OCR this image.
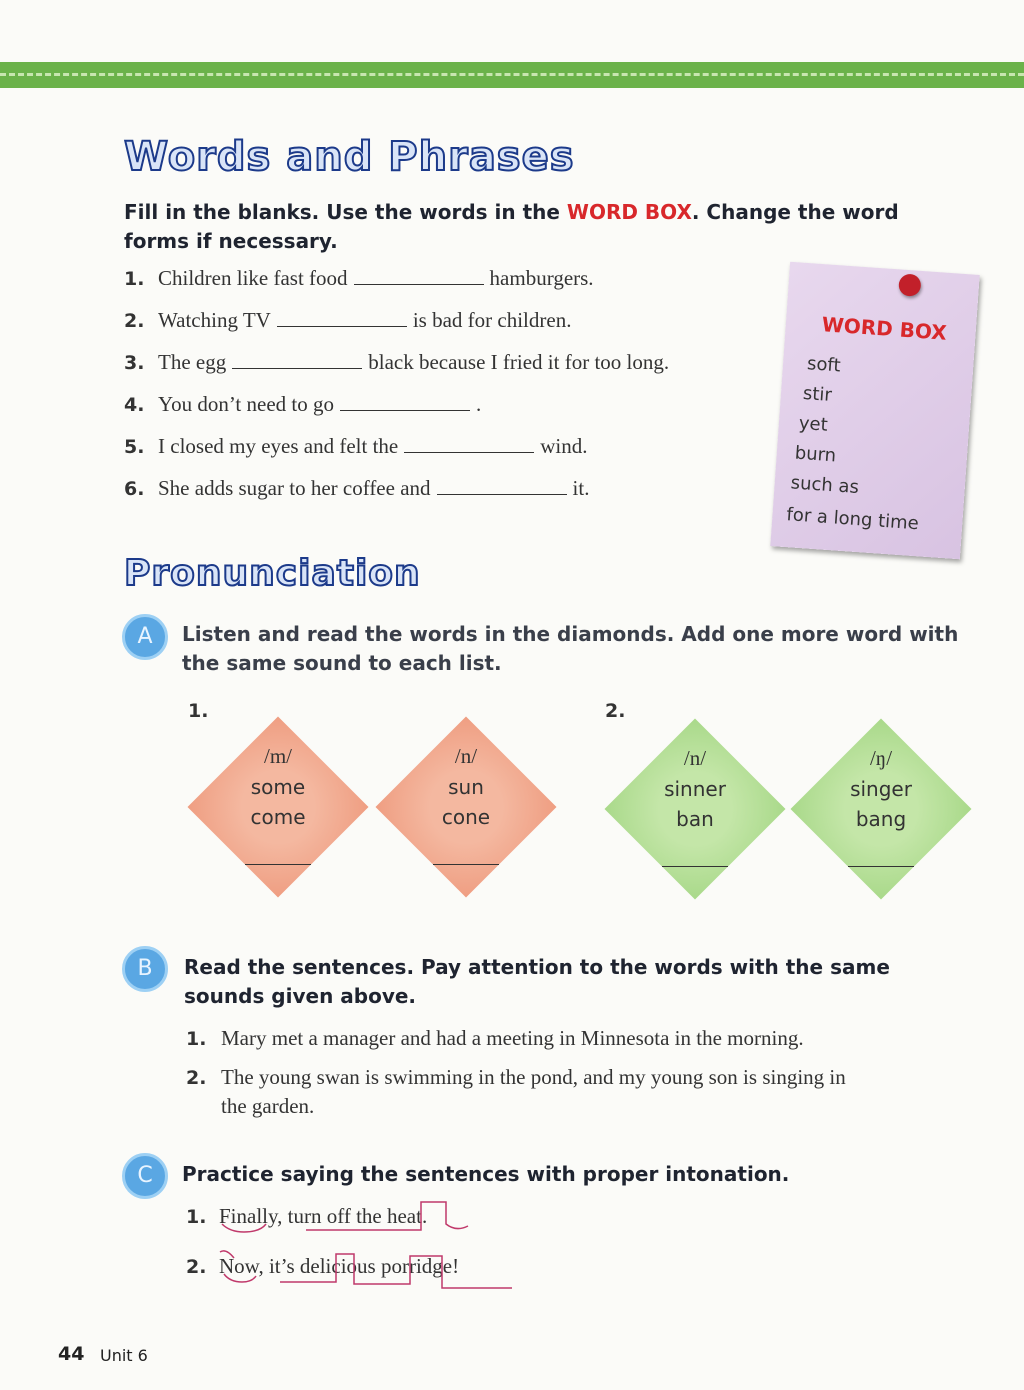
Words and Phrases
Fill in the blanks. Use the words in the WORD BOX. Change the word
forms if necessary.
1. Children like fast food	hamburgers.
2. Watching TV	is bad for children.
3. The egg	black because I fried it for too long.
4. You don’t need to go	.
5. I closed my eyes and felt the	wind.
6. She adds sugar to her coffee and	it.
WORD BOX
soft
stir
yet
burn
such as
for a long time
Pronunciation
A	Listen and read the words in the diamonds. Add one more word with
the same sound to each list.
1.	2.
/m/
some
come
/n/
sun
cone
/n/
sinner
ban
/ŋ/
singer
bang
B	Read the sentences. Pay attention to the words with the same
sounds given above.
1. Mary met a manager and had a meeting in Minnesota in the morning.
2. The young swan is swimming in the pond, and my young son is singing in
the garden.
C	Practice saying the sentences with proper intonation.
1. Finally, turn off the heat.
2. Now, it’s delicious porridge!
44 Unit 6
